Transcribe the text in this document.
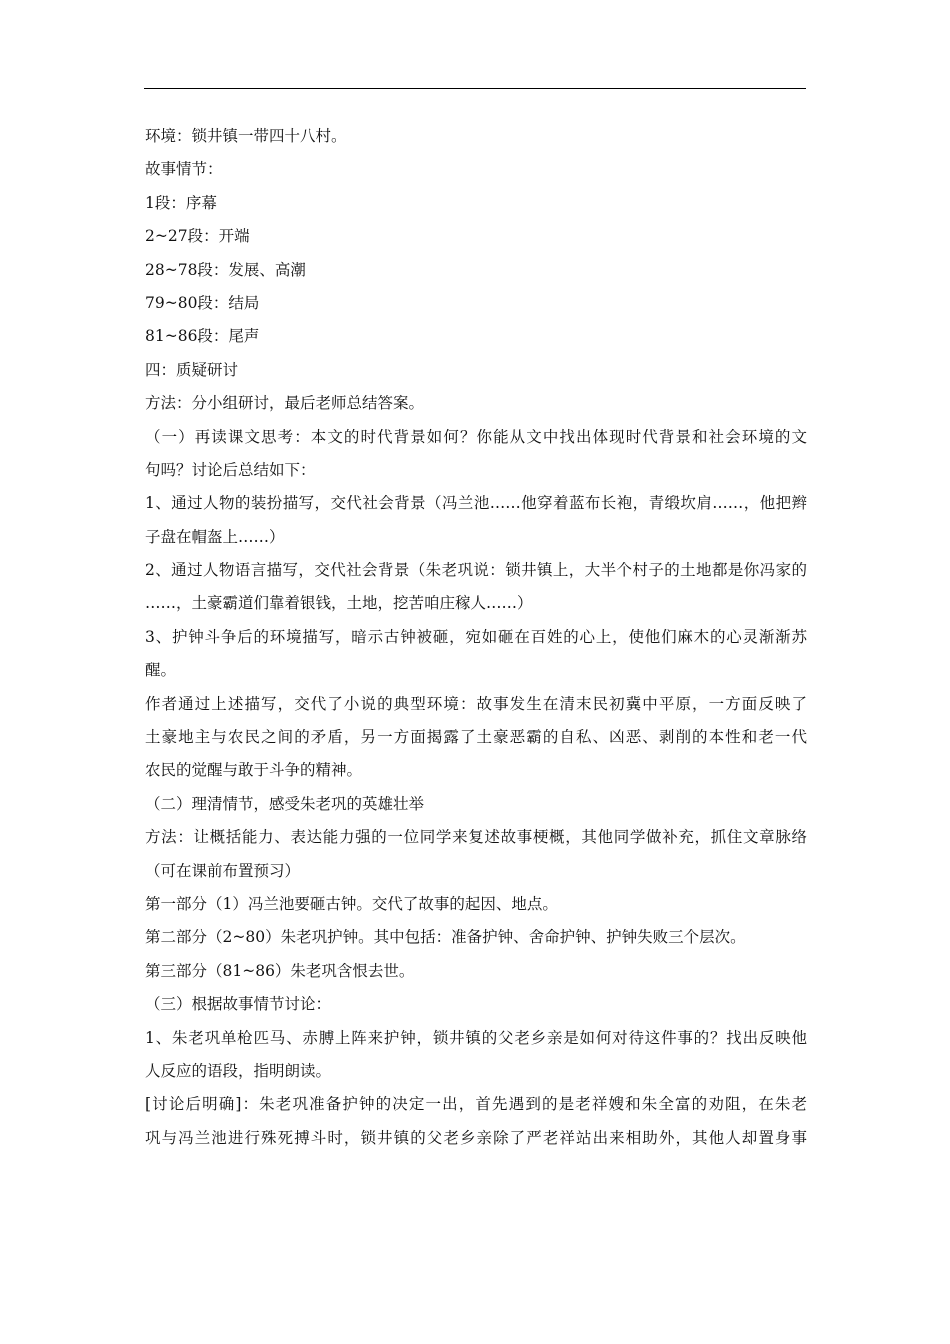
环境：锁井镇一带四十八村。
故事情节：
1段：序幕
2~27段：开端
28~78段：发展、高潮
79~80段：结局
81~86段：尾声
四：质疑研讨
方法：分小组研讨，最后老师总结答案。
（一）再读课文思考：本文的时代背景如何？你能从文中找出体现时代背景和社会环境的文
句吗？讨论后总结如下：
1、通过人物的装扮描写，交代社会背景（冯兰池……他穿着蓝布长袍，青缎坎肩……，他把辫
子盘在帽盔上……）
2、通过人物语言描写，交代社会背景（朱老巩说：锁井镇上，大半个村子的土地都是你冯家的
……，土豪霸道们靠着银钱，土地，挖苦咱庄稼人……）
3、护钟斗争后的环境描写，暗示古钟被砸，宛如砸在百姓的心上，使他们麻木的心灵渐渐苏
醒。
作者通过上述描写，交代了小说的典型环境：故事发生在清末民初冀中平原，一方面反映了
土豪地主与农民之间的矛盾，另一方面揭露了土豪恶霸的自私、凶恶、剥削的本性和老一代
农民的觉醒与敢于斗争的精神。
（二）理清情节，感受朱老巩的英雄壮举
方法：让概括能力、表达能力强的一位同学来复述故事梗概，其他同学做补充，抓住文章脉络
（可在课前布置预习）
第一部分（1）冯兰池要砸古钟。交代了故事的起因、地点。
第二部分（2~80）朱老巩护钟。其中包括：准备护钟、舍命护钟、护钟失败三个层次。
第三部分（81~86）朱老巩含恨去世。
（三）根据故事情节讨论：
1、朱老巩单枪匹马、赤膊上阵来护钟，锁井镇的父老乡亲是如何对待这件事的？找出反映他
人反应的语段，指明朗读。
[讨论后明确]：朱老巩准备护钟的决定一出，首先遇到的是老祥嫂和朱全富的劝阻，在朱老
巩与冯兰池进行殊死搏斗时，锁井镇的父老乡亲除了严老祥站出来相助外，其他人却置身事
